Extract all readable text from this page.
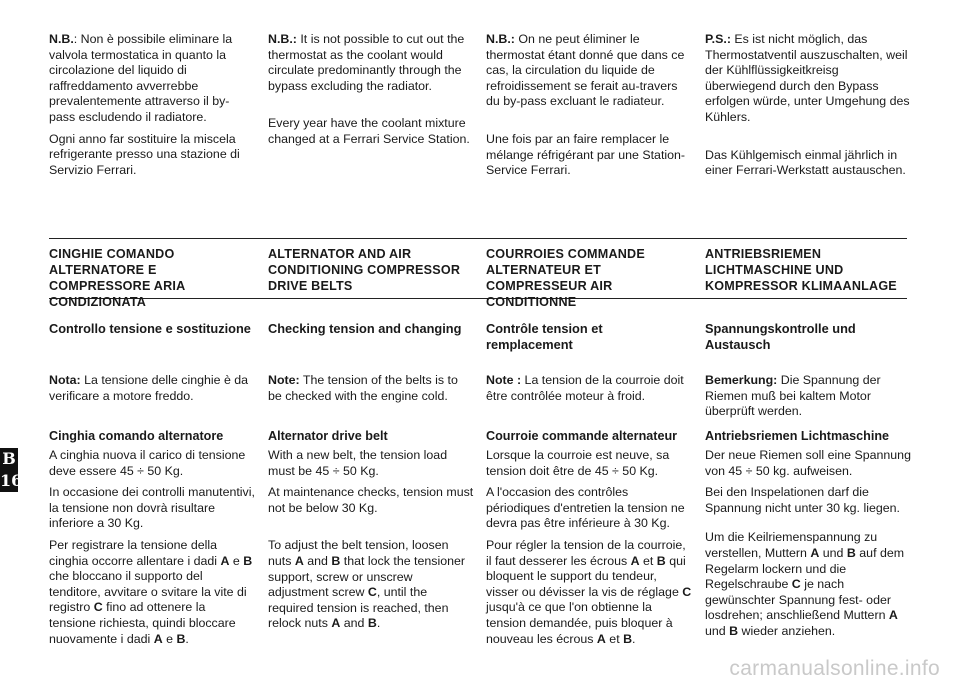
N.B.: Non è possibile eliminare la valvola termostatica in quanto la circolazione del liquido di raffreddamento avverrebbe prevalentemente attraverso il by-pass escludendo il radiatore.

Ogni anno far sostituire la miscela refrigerante presso una stazione di Servizio Ferrari.

N.B.: It is not possible to cut out the thermostat as the coolant would circulate predominantly through the bypass excluding the radiator.

Every year have the coolant mixture changed at a Ferrari Service Station.

N.B.: On ne peut éliminer le thermostat étant donné que dans ce cas, la circulation du liquide de refroidissement se ferait au-travers du by-pass excluant le radiateur.

Une fois par an faire remplacer le mélange réfrigérant par une Station-Service Ferrari.

P.S.: Es ist nicht möglich, das Thermostatventil auszuschalten, weil der Kühlflüssigkeitkreisg überwiegend durch den Bypass erfolgen würde, unter Umgehung des Kühlers.

Das Kühlgemisch einmal jährlich in einer Ferrari-Werkstatt austauschen.

CINGHIE COMANDO ALTERNATORE E COMPRESSORE ARIA CONDIZIONATA
ALTERNATOR AND AIR CONDITIONING COMPRESSOR DRIVE BELTS
COURROIES COMMANDE ALTERNATEUR ET COMPRESSEUR AIR CONDITIONNE
ANTRIEBSRIEMEN LICHTMASCHINE UND KOMPRESSOR KLIMAANLAGE
Controllo tensione e sostituzione	Checking tension and changing	Contrôle tension et remplacement
Spannungskontrolle und Austausch
Nota: La tensione delle cinghie è da verificare a motore freddo.
Note: The tension of the belts is to be checked with the engine cold.
Note : La tension de la courroie doit être contrôlée moteur à froid.
Bemerkung: Die Spannung der Riemen muß bei kaltem Motor überprüft werden.

Cinghia comando alternatore

A cinghia nuova il carico di tensione deve essere 45 ÷ 50 Kg.

In occasione dei controlli manutentivi, la tensione non dovrà risultare inferiore a 30 Kg.

Per registrare la tensione della cinghia occorre allentare i dadi A e B che bloccano il supporto del tenditore, avvitare o svitare la vite di registro C fino ad ottenere la tensione richiesta, quindi bloccare nuovamente i dadi A e B.

Alternator drive belt

With a new belt, the tension load must be 45 ÷ 50 Kg.

At maintenance checks, tension must not be below 30 Kg.

To adjust the belt tension, loosen nuts A and B that lock the tensioner support, screw or unscrew adjustment screw C, until the required tension is reached, then relock nuts A and B.

Courroie commande alternateur

Lorsque la courroie est neuve, sa tension doit être de 45 ÷ 50 Kg.

A l'occasion des contrôles périodiques d'entretien la tension ne devra pas être inférieure à 30 Kg.

Pour régler la tension de la courroie, il faut desserer les écrous A et B qui bloquent le support du tendeur, visser ou dévisser la vis de réglage C jusqu'à ce que l'on obtienne la tension demandée, puis bloquer à nouveau les écrous A et B.

Antriebsriemen Lichtmaschine

Der neue Riemen soll eine Spannung von 45 ÷ 50 kg. aufweisen.

Bei den Inspelationen darf die Spannung nicht unter 30 kg. liegen.

Um die Keilriemenspannung zu verstellen, Muttern A und B auf dem Regelarm lockern und die Regelschraube C je nach gewünschter Spannung fest- oder losdrehen; anschließend Muttern A und B wieder anziehen.

B
16
carmanualsonline.info
